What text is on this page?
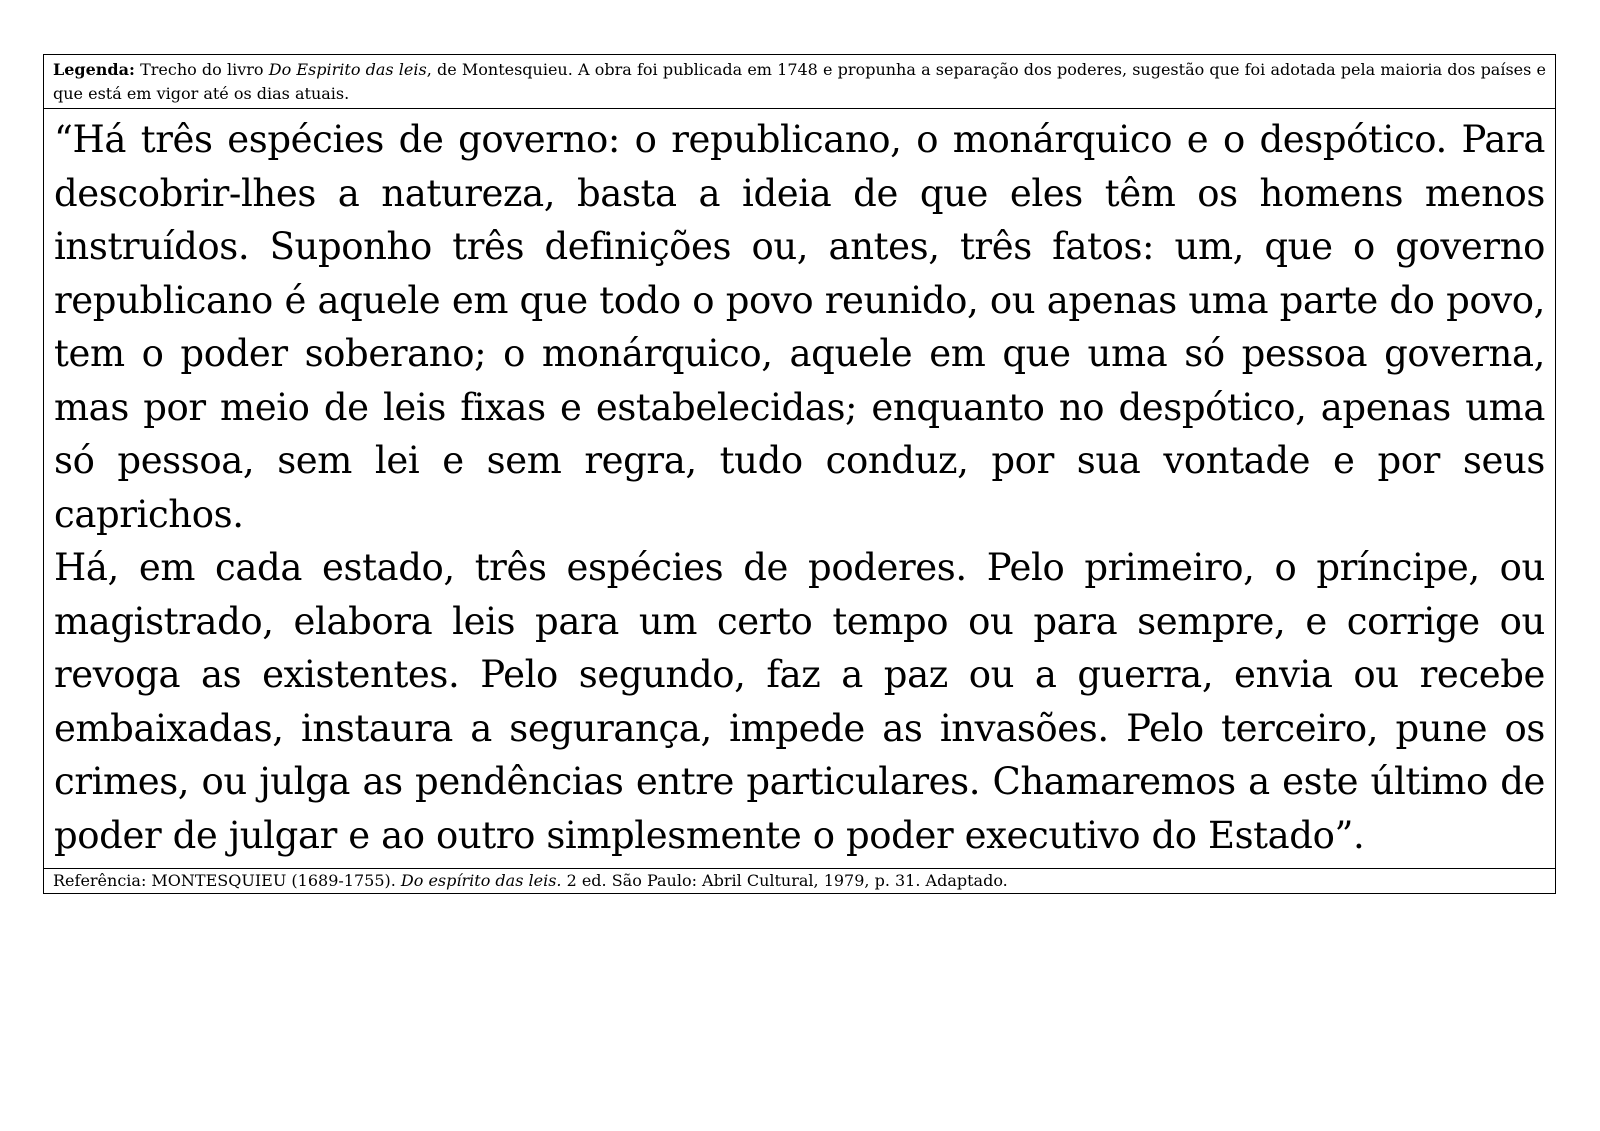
Legenda: Trecho do livro Do Espirito das leis, de Montesquieu. A obra foi publicada em 1748 e propunha a separação dos poderes, sugestão que foi adotada pela maioria dos países e que está em vigor até os dias atuais.

“Há três espécies de governo: o republicano, o monárquico e o despótico. Para descobrir-lhes a natureza, basta a ideia de que eles têm os homens menos instruídos. Suponho três definições ou, antes, três fatos: um, que o governo republicano é aquele em que todo o povo reunido, ou apenas uma parte do povo, tem o poder soberano; o monárquico, aquele em que uma só pessoa governa, mas por meio de leis fixas e estabelecidas; enquanto no despótico, apenas uma só pessoa, sem lei e sem regra, tudo conduz, por sua vontade e por seus caprichos.

Há, em cada estado, três espécies de poderes. Pelo primeiro, o príncipe, ou magistrado, elabora leis para um certo tempo ou para sempre, e corrige ou revoga as existentes. Pelo segundo, faz a paz ou a guerra, envia ou recebe embaixadas, instaura a segurança, impede as invasões. Pelo terceiro, pune os crimes, ou julga as pendências entre particulares. Chamaremos a este último de poder de julgar e ao outro simplesmente o poder executivo do Estado”.

Referência: MONTESQUIEU (1689-1755). Do espírito das leis. 2 ed. São Paulo: Abril Cultural, 1979, p. 31. Adaptado.
